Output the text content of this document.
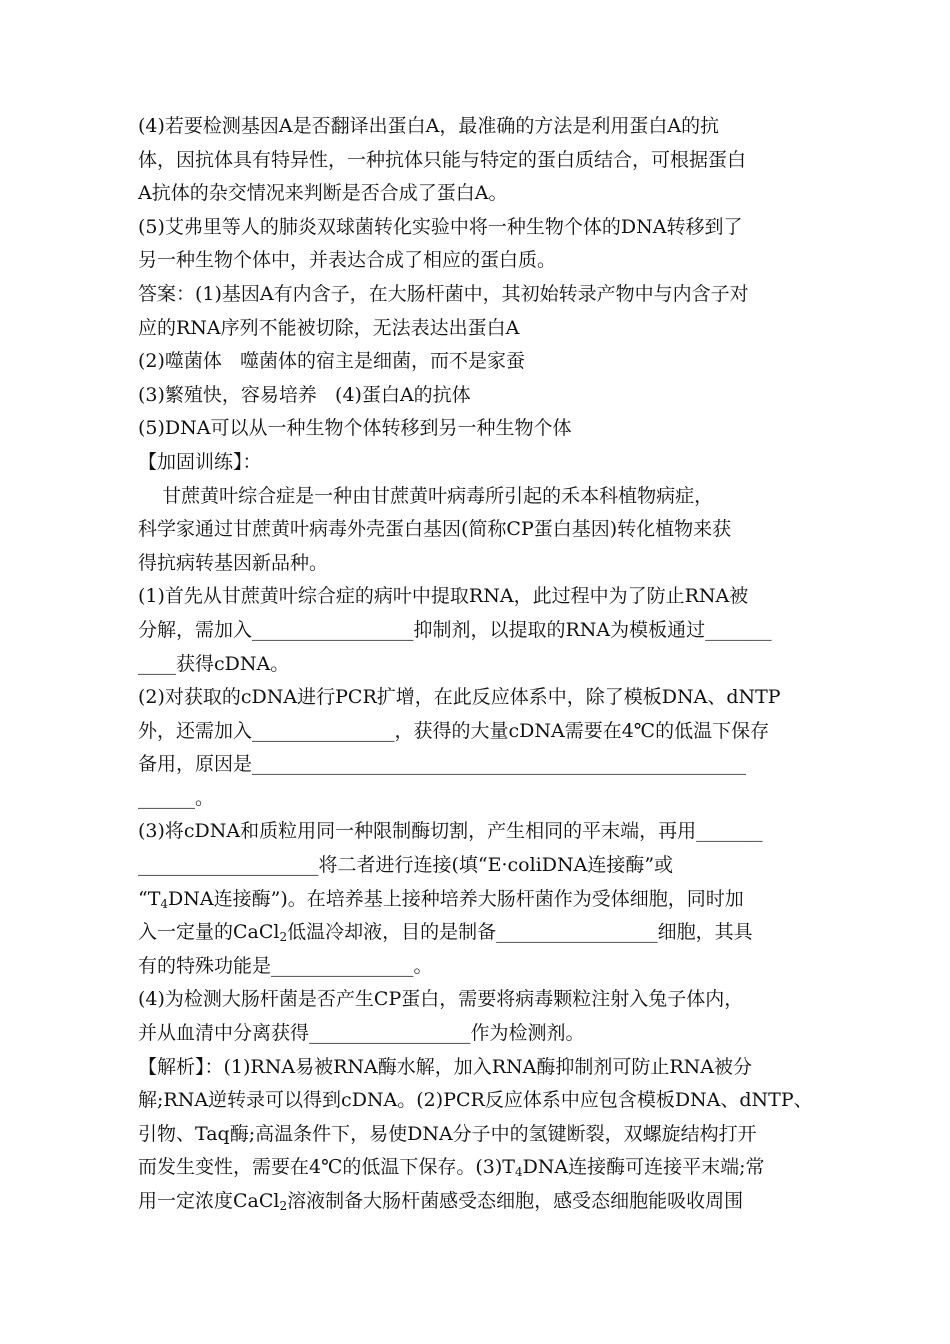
(4)若要检测基因A是否翻译出蛋白A，最准确的方法是利用蛋白A的抗
体，因抗体具有特异性，一种抗体只能与特定的蛋白质结合，可根据蛋白
A抗体的杂交情况来判断是否合成了蛋白A。
(5)艾弗里等人的肺炎双球菌转化实验中将一种生物个体的DNA转移到了
另一种生物个体中，并表达合成了相应的蛋白质。
答案：(1)基因A有内含子，在大肠杆菌中，其初始转录产物中与内含子对
应的RNA序列不能被切除，无法表达出蛋白A
(2)噬菌体   噬菌体的宿主是细菌，而不是家蚕
(3)繁殖快，容易培养   (4)蛋白A的抗体
(5)DNA可以从一种生物个体转移到另一种生物个体
【加固训练】：
甘蔗黄叶综合症是一种由甘蔗黄叶病毒所引起的禾本科植物病症，
科学家通过甘蔗黄叶病毒外壳蛋白基因(简称CP蛋白基因)转化植物来获
得抗病转基因新品种。
(1)首先从甘蔗黄叶综合症的病叶中提取RNA，此过程中为了防止RNA被
分解，需加入_________________抑制剂，以提取的RNA为模板通过_______
____获得cDNA。
(2)对获取的cDNA进行PCR扩增，在此反应体系中，除了模板DNA、dNTP
外，还需加入_______________，获得的大量cDNA需要在4℃的低温下保存
备用，原因是____________________________________________________
______。
(3)将cDNA和质粒用同一种限制酶切割，产生相同的平末端，再用_______
___________________将二者进行连接(填“E·coliDNA连接酶”或
“$T_4DNA$连接酶”)。在培养基上接种培养大肠杆菌作为受体细胞，同时加
入一定量的CaCl$_2$低温冷却液，目的是制备_________________细胞，其具
有的特殊功能是_______________。
(4)为检测大肠杆菌是否产生CP蛋白，需要将病毒颗粒注射入兔子体内，
并从血清中分离获得_________________作为检测剂。
【解析】：(1)RNA易被RNA酶水解，加入RNA酶抑制剂可防止RNA被分
解;RNA逆转录可以得到cDNA。(2)PCR反应体系中应包含模板DNA、dNTP、
引物、Taq酶;高温条件下，易使DNA分子中的氢键断裂，双螺旋结构打开
而发生变性，需要在4℃的低温下保存。$(3)T_4DNA$连接酶可连接平末端;常
用一定浓度CaCl$_2$溶液制备大肠杆菌感受态细胞，感受态细胞能吸收周围
